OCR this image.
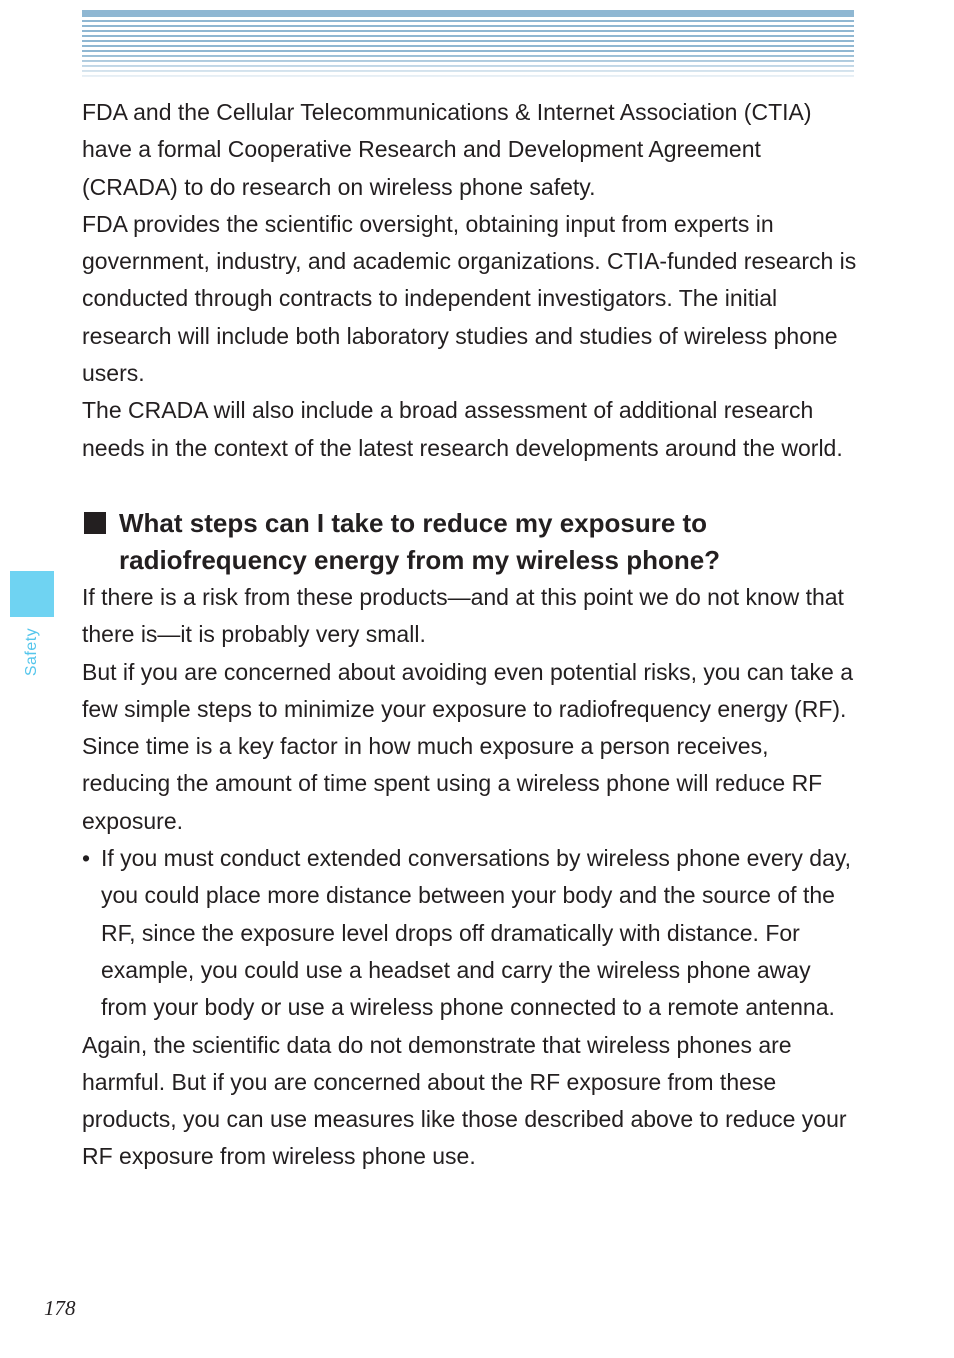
Safety

FDA and the Cellular Telecommunications & Internet Association (CTIA) have a formal Cooperative Research and Development Agreement (CRADA) to do research on wireless phone safety.

FDA provides the scientific oversight, obtaining input from experts in government, industry, and academic organizations. CTIA-funded research is conducted through contracts to independent investigators. The initial research will include both laboratory studies and studies of wireless phone users.

The CRADA will also include a broad assessment of additional research needs in the context of the latest research developments around the world.

What steps can I take to reduce my exposure to radiofrequency energy from my wireless phone?

If there is a risk from these products—and at this point we do not know that there is—it is probably very small.

But if you are concerned about avoiding even potential risks, you can take a few simple steps to minimize your exposure to radiofrequency energy (RF). Since time is a key factor in how much exposure a person receives, reducing the amount of time spent using a wireless phone will reduce RF exposure.

• If you must conduct extended conversations by wireless phone every day, you could place more distance between your body and the source of the RF, since the exposure level drops off dramatically with distance. For example, you could use a headset and carry the wireless phone away from your body or use a wireless phone connected to a remote antenna.

Again, the scientific data do not demonstrate that wireless phones are harmful. But if you are concerned about the RF exposure from these products, you can use measures like those described above to reduce your RF exposure from wireless phone use.

178
